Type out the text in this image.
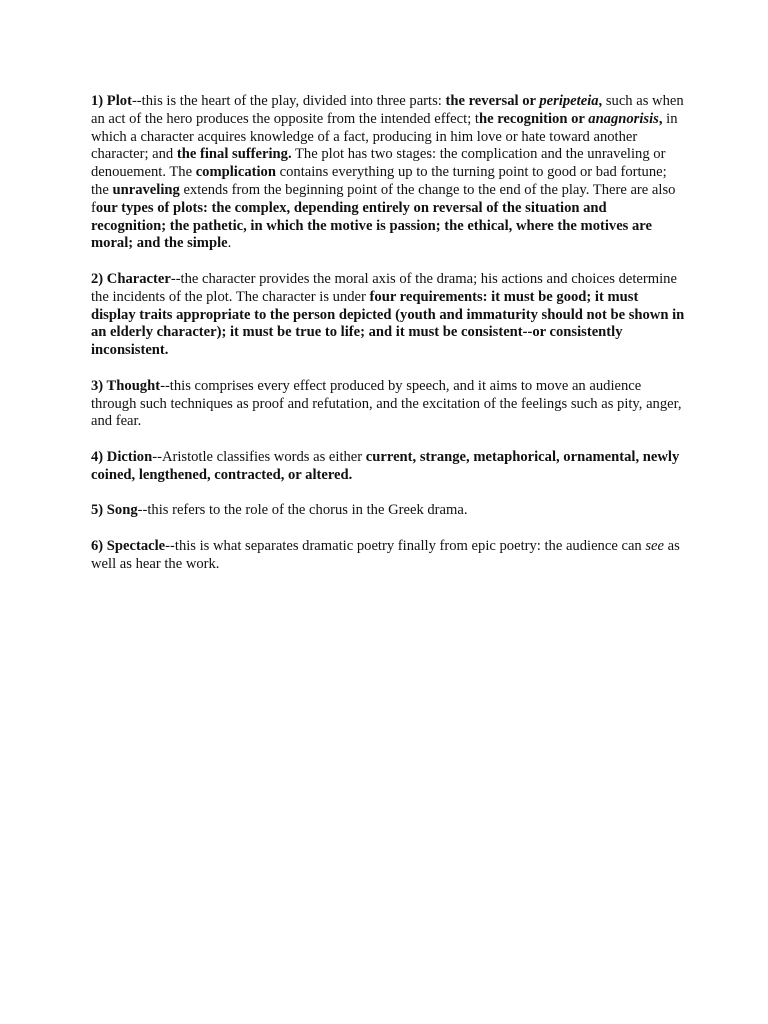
1) Plot--this is the heart of the play, divided into three parts: the reversal or peripeteia, such as when an act of the hero produces the opposite from the intended effect; the recognition or anagnorisis, in which a character acquires knowledge of a fact, producing in him love or hate toward another character; and the final suffering. The plot has two stages: the complication and the unraveling or denouement. The complication contains everything up to the turning point to good or bad fortune; the unraveling extends from the beginning point of the change to the end of the play. There are also four types of plots: the complex, depending entirely on reversal of the situation and recognition; the pathetic, in which the motive is passion; the ethical, where the motives are moral; and the simple.

2) Character--the character provides the moral axis of the drama; his actions and choices determine the incidents of the plot. The character is under four requirements: it must be good; it must display traits appropriate to the person depicted (youth and immaturity should not be shown in an elderly character); it must be true to life; and it must be consistent--or consistently inconsistent.

3) Thought--this comprises every effect produced by speech, and it aims to move an audience through such techniques as proof and refutation, and the excitation of the feelings such as pity, anger, and fear.

4) Diction--Aristotle classifies words as either current, strange, metaphorical, ornamental, newly coined, lengthened, contracted, or altered.

5) Song--this refers to the role of the chorus in the Greek drama.

6) Spectacle--this is what separates dramatic poetry finally from epic poetry: the audience can see as well as hear the work.
